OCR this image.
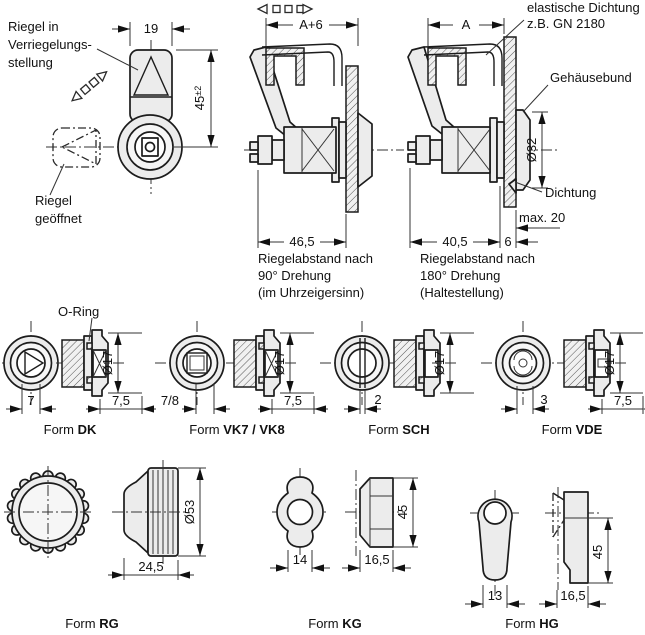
19
$45^{\pm 2}$
Riegel in
Verriegelungs-
stellung
Riegel
geöffnet
A+6
46,5
Riegelabstand nach
90° Drehung
(im Uhrzeigersinn)
A
elastische Dichtung
z.B. GN 2180
Gehäusebund
Ø32
Dichtung
max. 20
40,5	6
Riegelabstand nach
180° Drehung
(Haltestellung)
O-Ring
Ø17
7	7,5
Form DK
Ø17
7/8	7,5
Form VK7 / VK8
Ø17
2
Form SCH
Ø17
3	7,5
Form VDE
Ø53
24,5
Form RG
14	16,5
45
Form KG
13	16,5
45
Form HG
